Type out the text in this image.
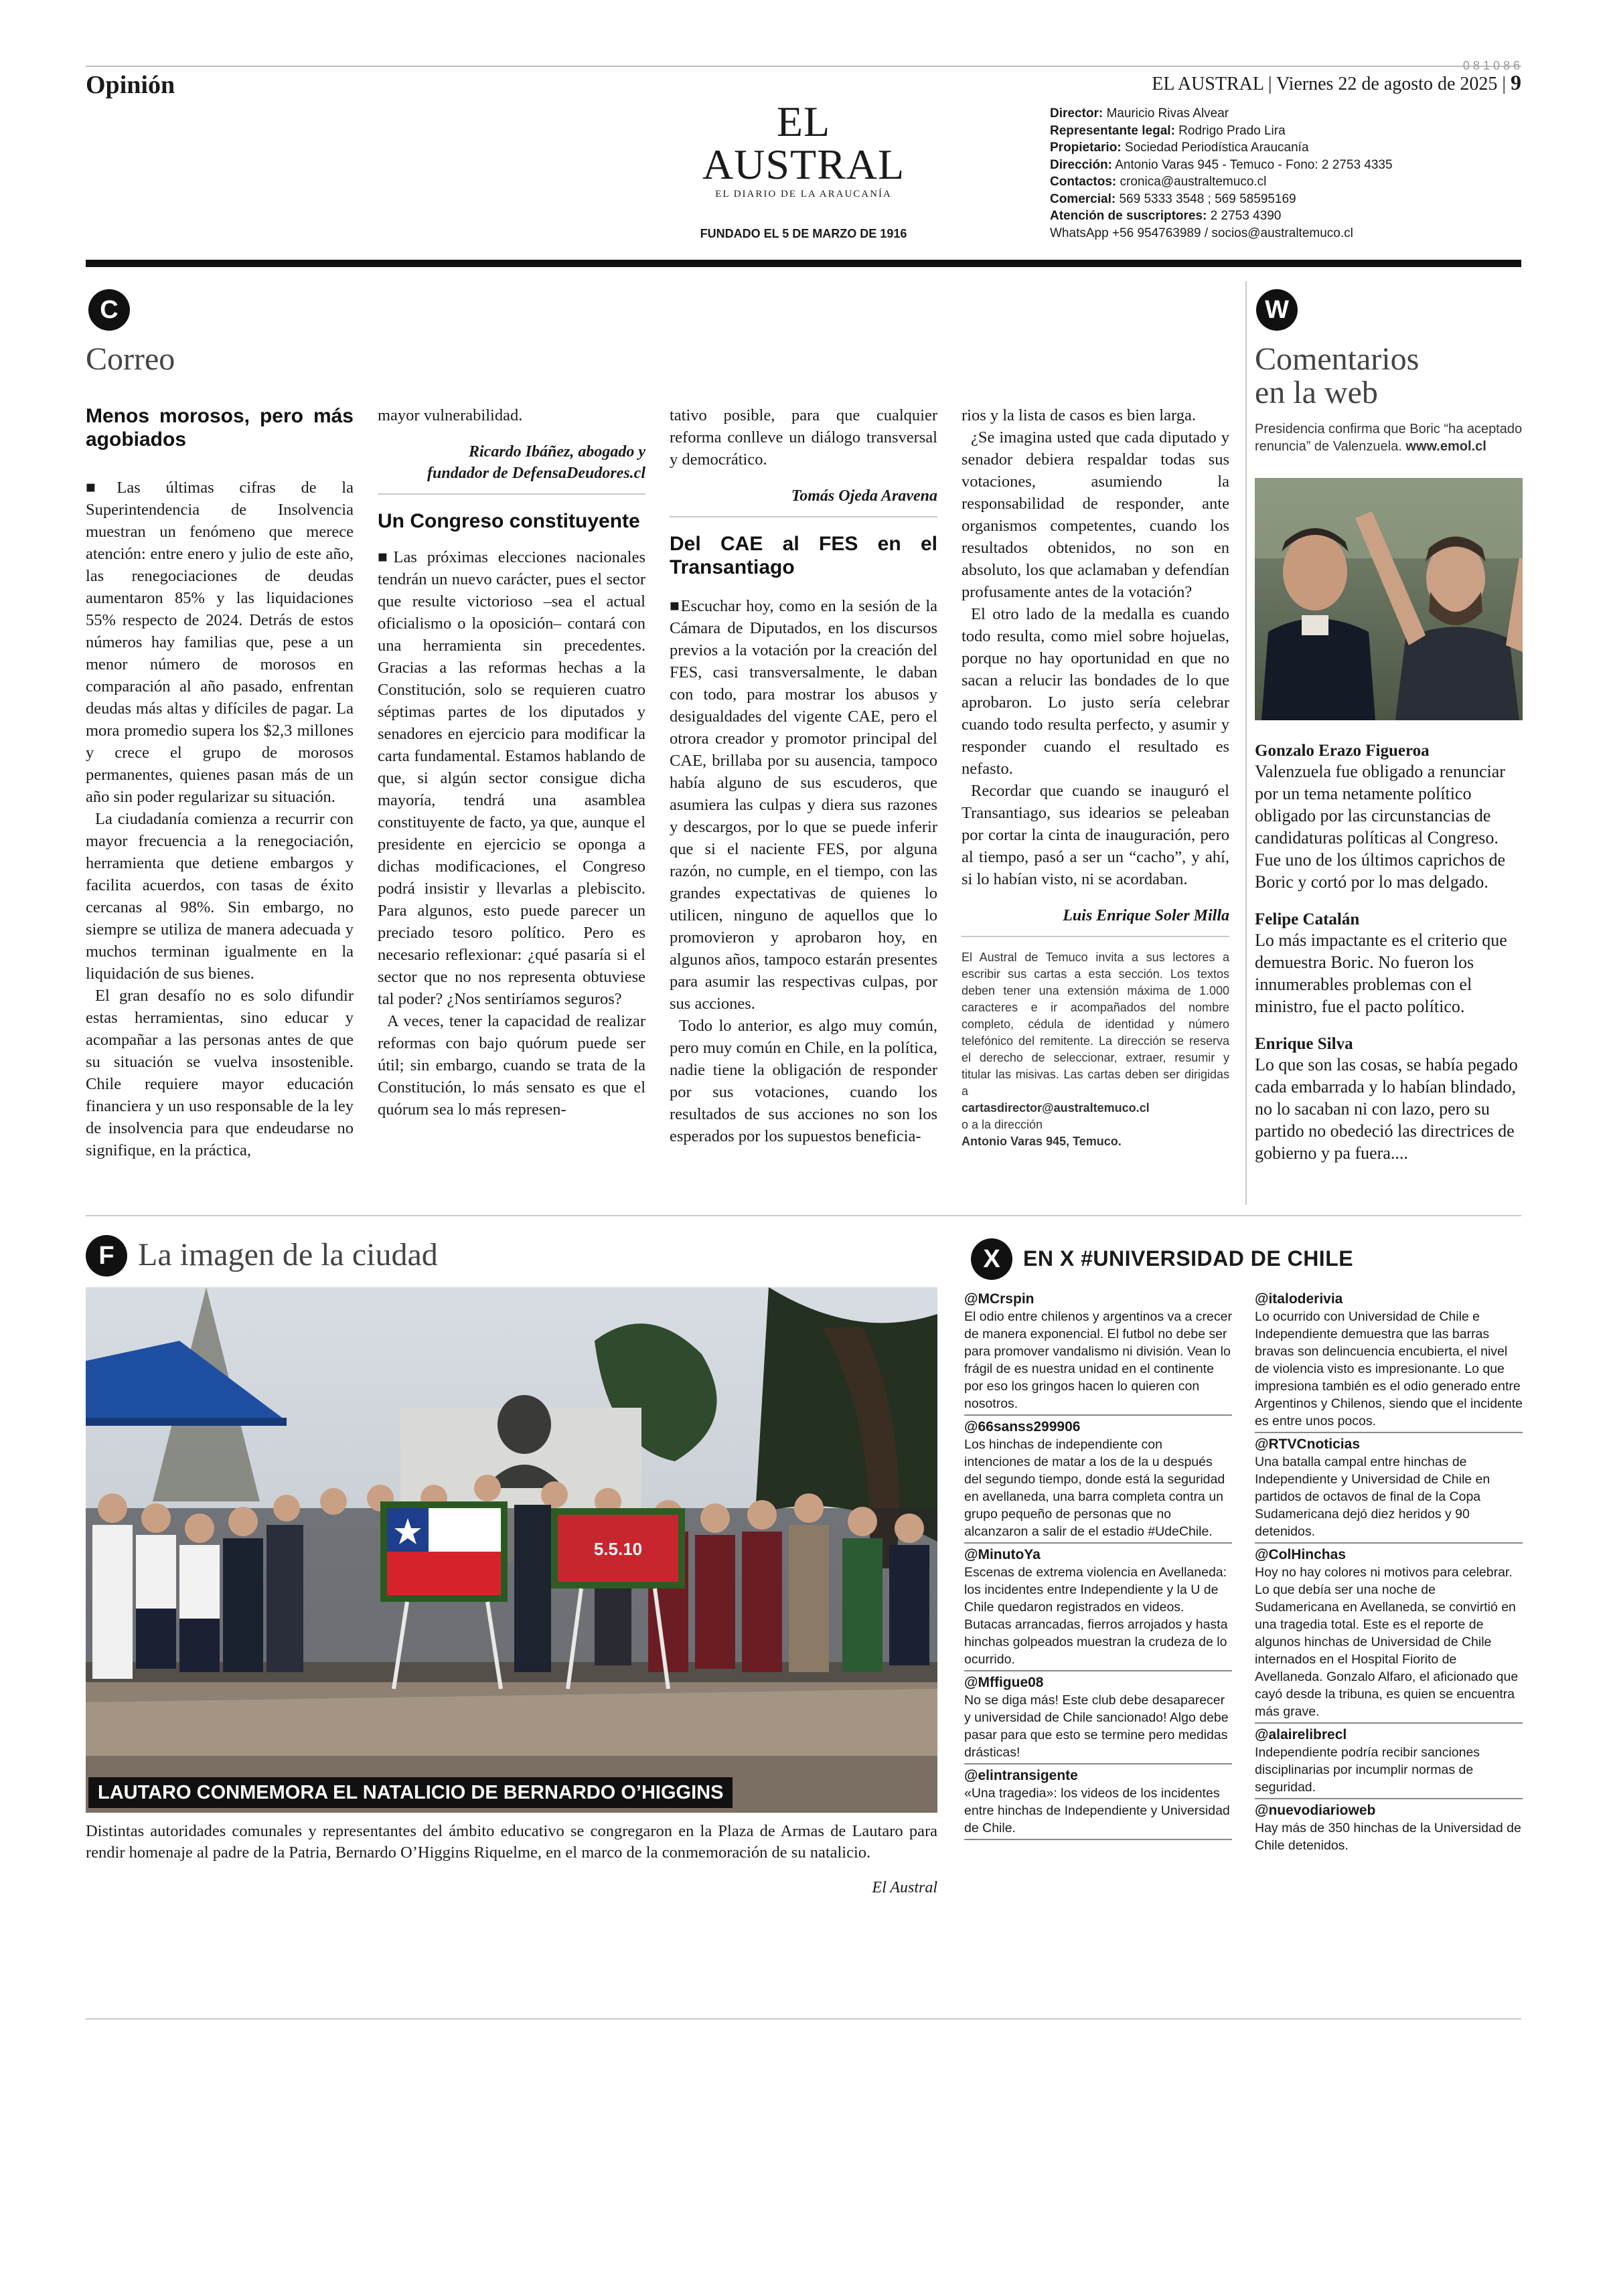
0 8 1 0 8 6
Opinión	EL AUSTRAL | Viernes 22 de agosto de 2025 | 9
EL AUSTRAL
EL DIARIO DE LA ARAUCANÍA
FUNDADO EL 5 DE MARZO DE 1916
Director: Mauricio Rivas Alvear
Representante legal: Rodrigo Prado Lira
Propietario: Sociedad Periodística Araucanía
Dirección: Antonio Varas 945 - Temuco - Fono: 2 2753 4335
Contactos: cronica@australtemuco.cl
Comercial: 569 5333 3548 ; 569 58595169
Atención de suscriptores: 2 2753 4390
WhatsApp +56 954763989 / socios@australtemuco.cl
C
Correo
Menos morosos, pero más agobiados

■Las últimas cifras de la Superintendencia de Insolvencia muestran un fenómeno que merece atención: entre enero y julio de este año, las renegociaciones de deudas aumentaron 85% y las liquidaciones 55% respecto de 2024. Detrás de estos números hay familias que, pese a un menor número de morosos en comparación al año pasado, enfrentan deudas más altas y difíciles de pagar. La mora promedio supera los $2,3 millones y crece el grupo de morosos permanentes, quienes pasan más de un año sin poder regularizar su situación.

La ciudadanía comienza a recurrir con mayor frecuencia a la renegociación, herramienta que detiene embargos y facilita acuerdos, con tasas de éxito cercanas al 98%. Sin embargo, no siempre se utiliza de manera adecuada y muchos terminan igualmente en la liquidación de sus bienes.

El gran desafío no es solo difundir estas herramientas, sino educar y acompañar a las personas antes de que su situación se vuelva insostenible. Chile requiere mayor educación financiera y un uso responsable de la ley de insolvencia para que endeudarse no signifique, en la práctica,

mayor vulnerabilidad.

Ricardo Ibáñez, abogado y
fundador de DefensaDeudores.cl
Un Congreso constituyente

■Las próximas elecciones nacionales tendrán un nuevo carácter, pues el sector que resulte victorioso –sea el actual oficialismo o la oposición– contará con una herramienta sin precedentes. Gracias a las reformas hechas a la Constitución, solo se requieren cuatro séptimas partes de los diputados y senadores en ejercicio para modificar la carta fundamental. Estamos hablando de que, si algún sector consigue dicha mayoría, tendrá una asamblea constituyente de facto, ya que, aunque el presidente en ejercicio se oponga a dichas modificaciones, el Congreso podrá insistir y llevarlas a plebiscito. Para algunos, esto puede parecer un preciado tesoro político. Pero es necesario reflexionar: ¿qué pasaría si el sector que no nos representa obtuviese tal poder? ¿Nos sentiríamos seguros?

A veces, tener la capacidad de realizar reformas con bajo quórum puede ser útil; sin embargo, cuando se trata de la Constitución, lo más sensato es que el quórum sea lo más represen-

tativo posible, para que cualquier reforma conlleve un diálogo transversal y democrático.

Tomás Ojeda Aravena
Del CAE al FES en el Transantiago

■Escuchar hoy, como en la sesión de la Cámara de Diputados, en los discursos previos a la votación por la creación del FES, casi transversalmente, le daban con todo, para mostrar los abusos y desigualdades del vigente CAE, pero el otrora creador y promotor principal del CAE, brillaba por su ausencia, tampoco había alguno de sus escuderos, que asumiera las culpas y diera sus razones y descargos, por lo que se puede inferir que si el naciente FES, por alguna razón, no cumple, en el tiempo, con las grandes expectativas de quienes lo utilicen, ninguno de aquellos que lo promovieron y aprobaron hoy, en algunos años, tampoco estarán presentes para asumir las respectivas culpas, por sus acciones.

Todo lo anterior, es algo muy común, pero muy común en Chile, en la política, nadie tiene la obligación de responder por sus votaciones, cuando los resultados de sus acciones no son los esperados por los supuestos beneficia-

rios y la lista de casos es bien larga.

¿Se imagina usted que cada diputado y senador debiera respaldar todas sus votaciones, asumiendo la responsabilidad de responder, ante organismos competentes, cuando los resultados obtenidos, no son en absoluto, los que aclamaban y defendían profusamente antes de la votación?

El otro lado de la medalla es cuando todo resulta, como miel sobre hojuelas, porque no hay oportunidad en que no sacan a relucir las bondades de lo que aprobaron. Lo justo sería celebrar cuando todo resulta perfecto, y asumir y responder cuando el resultado es nefasto.

Recordar que cuando se inauguró el Transantiago, sus idearios se peleaban por cortar la cinta de inauguración, pero al tiempo, pasó a ser un “cacho”, y ahí, si lo habían visto, ni se acordaban.

Luis Enrique Soler Milla
El Austral de Temuco invita a sus lectores a escribir sus cartas a esta sección. Los textos deben tener una extensión máxima de 1.000 caracteres e ir acompañados del nombre completo, cédula de identidad y número telefónico del remitente. La dirección se reserva el derecho de seleccionar, extraer, resumir y titular las misivas. Las cartas deben ser dirigidas a
cartasdirector@australtemuco.cl
o a la dirección
Antonio Varas 945, Temuco.
W
Comentarios
en la web
Presidencia confirma que Boric “ha aceptado renuncia” de Valenzuela. www.emol.cl
Gonzalo Erazo Figueroa
Valenzuela fue obligado a renunciar por un tema netamente político obligado por las circunstancias de candidaturas políticas al Congreso. Fue uno de los últimos caprichos de Boric y cortó por lo mas delgado.
Felipe Catalán
Lo más impactante es el criterio que demuestra Boric. No fueron los innumerables problemas con el ministro, fue el pacto político.
Enrique Silva
Lo que son las cosas, se había pegado cada embarrada y lo habían blindado, no lo sacaban ni con lazo, pero su partido no obedeció las directrices de gobierno y pa fuera....
F La imagen de la ciudad
5.5.10
LAUTARO CONMEMORA EL NATALICIO DE BERNARDO O’HIGGINS
Distintas autoridades comunales y representantes del ámbito educativo se congregaron en la Plaza de Armas de Lautaro para rendir homenaje al padre de la Patria, Bernardo O’Higgins Riquelme, en el marco de la conmemoración de su natalicio.
El Austral
X	EN X #UNIVERSIDAD DE CHILE
@MCrspin
El odio entre chilenos y argentinos va a crecer de manera exponencial. El futbol no debe ser para promover vandalismo ni división. Vean lo frágil de es nuestra unidad en el continente por eso los gringos hacen lo quieren con nosotros.
@66sanss299906
Los hinchas de independiente con intenciones de matar a los de la u después del segundo tiempo, donde está la seguridad en avellaneda, una barra completa contra un grupo pequeño de personas que no alcanzaron a salir de el estadio #UdeChile.
@MinutoYa
Escenas de extrema violencia en Avellaneda: los incidentes entre Independiente y la U de Chile quedaron registrados en videos. Butacas arrancadas, fierros arrojados y hasta hinchas golpeados muestran la crudeza de lo ocurrido.
@Mffigue08
No se diga más! Este club debe desaparecer y universidad de Chile sancionado! Algo debe pasar para que esto se termine pero medidas drásticas!
@elintransigente
«Una tragedia»: los videos de los incidentes entre hinchas de Independiente y Universidad de Chile.
@italoderivia
Lo ocurrido con Universidad de Chile e Independiente demuestra que las barras bravas son delincuencia encubierta, el nivel de violencia visto es impresionante. Lo que impresiona también es el odio generado entre Argentinos y Chilenos, siendo que el incidente es entre unos pocos.
@RTVCnoticias
Una batalla campal entre hinchas de Independiente y Universidad de Chile en partidos de octavos de final de la Copa Sudamericana dejó diez heridos y 90 detenidos.
@ColHinchas
Hoy no hay colores ni motivos para celebrar. Lo que debía ser una noche de Sudamericana en Avellaneda, se convirtió en una tragedia total. Este es el reporte de algunos hinchas de Universidad de Chile internados en el Hospital Fiorito de Avellaneda. Gonzalo Alfaro, el aficionado que cayó desde la tribuna, es quien se encuentra más grave.
@alairelibrecl
Independiente podría recibir sanciones disciplinarias por incumplir normas de seguridad.
@nuevodiarioweb
Hay más de 350 hinchas de la Universidad de Chile detenidos.
